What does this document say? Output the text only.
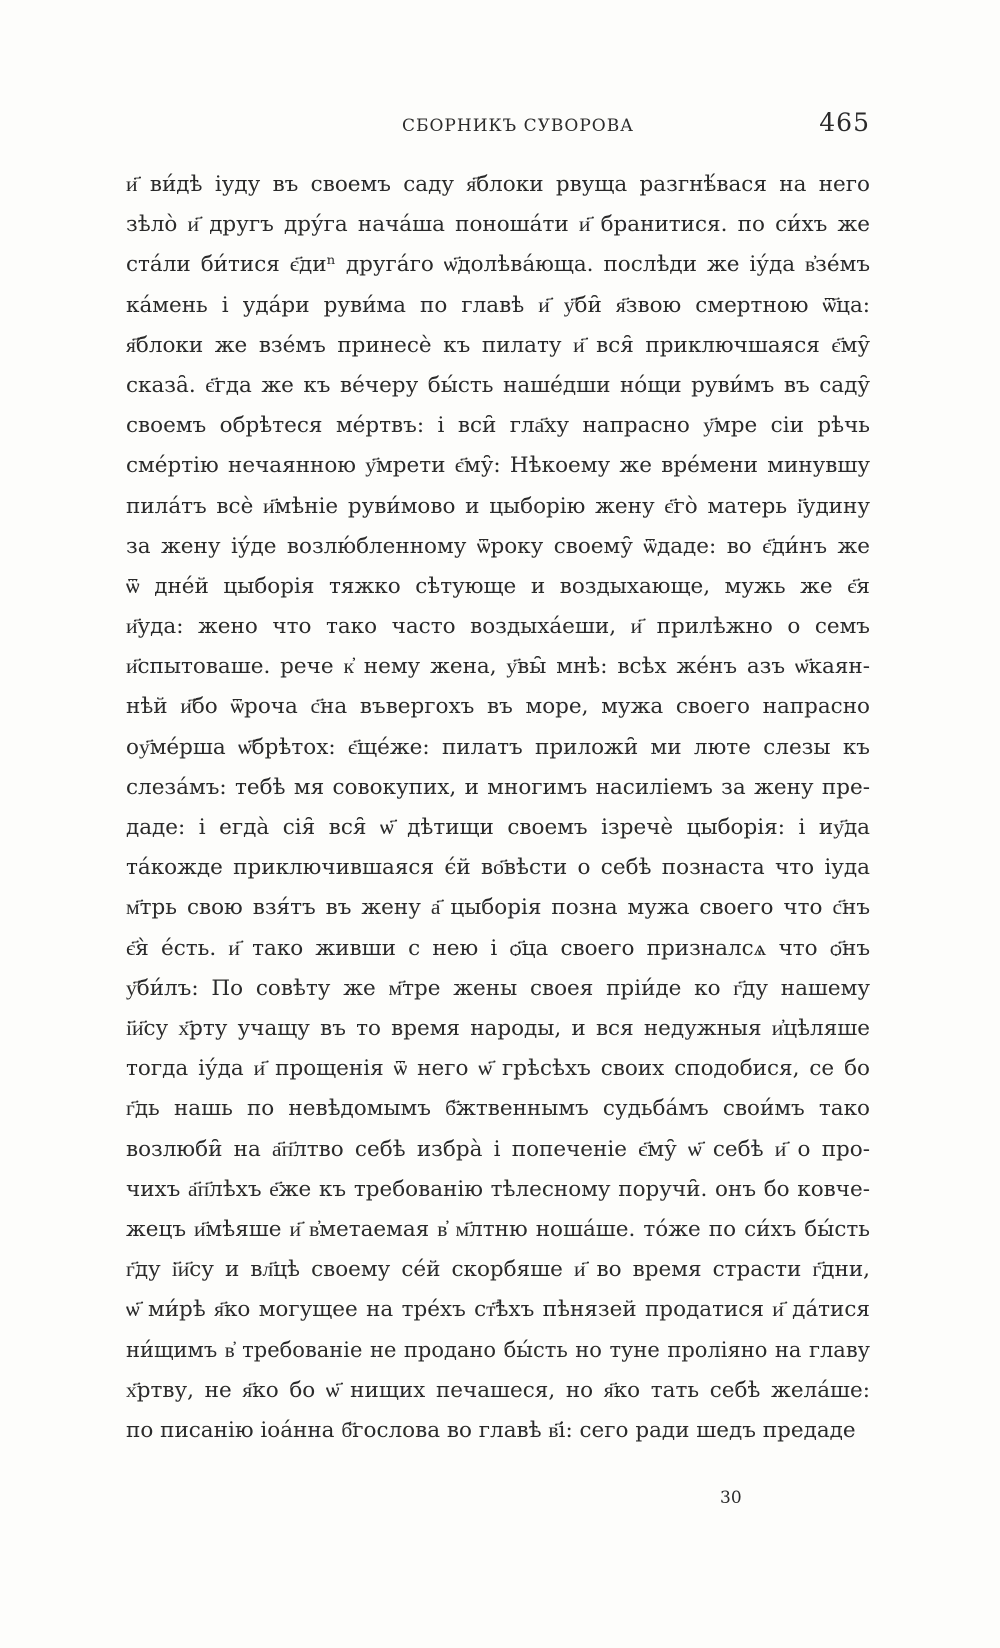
СБОРНИКЪ СУВОРОВА	465
и҃ ви́дѣ іуду въ своемъ саду я҃блоки рвуща разгнѣ́вася на него
зѣло̀ и҃ другъ дру́га нача́ша поноша́ти и҃ бранитися. по си́хъ же
ста́ли би́тися є҃диⁿ друга́го ѡ҃долѣва́юща. послѣди же іу́да в҆зе́мъ
ка́мень і уда́ри руви́ма по главѣ и҃ у҃би̑ я҃звою смертною ѿ҃ца:
я҃блоки же взе́мъ принесѐ къ пилату и҃ вся̑ приключшаяся є҃му̑
сказа̑. є҃гда же къ ве́черу бы́сть наше́дши но́щи руви́мъ въ саду̑
своемъ обрѣтеся ме́ртвъ: і вси̑ гла҃ху напрасно у҃мре сіи рѣчь
сме́ртію нечаянною у҃мрети є҃му̑: Нѣкоему же вре́мени минувшу
пила́тъ всѐ и҃мѣніе руви́мово и цыборію жену є҃го̀ матерь і҃удину
за жену іу́де возлю́бленному ѿроку своему̑ ѿдаде: во є҃ди́нъ же
ѿ дне́й цыборія тяжко сѣтующе и воздыхающе, мужь же є҃я
и҃уда: жено что тако часто воздыха́еши, и҃ прилѣжно о семъ
и҃спытоваше. рече к҆ нему жена, у҃вы̑ мнѣ: всѣх же́нъ азъ ѡ҃каян-
нѣй и҃бо ѿроча с҃на въвергохъ въ море, мужа своего напрасно
оу҃ме́рша ѡ҃брѣтох: є҃ще́же: пилатъ приложи̑ ми люте слезы къ
слеза́мъ: тебѣ мя совокупих, и многимъ насиліемъ за жену пре-
даде: і егда̀ сія̑ вся̑ ѡ҃ дѣтищи своемъ ізречѐ цыборія: і иу҃да
та́кожде приключившаяся є́й во҃вѣсти о себѣ познаста что іуда
м҃трь свою взя́тъ въ жену а҃ цыборія позна мужа своего что с҃нъ
є҃я̀ е́сть. и҃ тако живши с нею і ѻ҃ца своего призналсѧ что ѻ҃нъ
у҃би́лъ: По совѣту же м҃тре жены своея пріи́де ко г҃ду нашему
і҃и҃су х҃рту учащу въ то время народы, и вся недужныя и҆цѣляше
тогда іу́да и҃ прощенія ѿ него ѡ҃ грѣсѣхъ своих сподобися, се бо
г҃дь нашь по невѣдомымъ б҃жтвеннымъ судьба́мъ свои́мъ тако
возлюби̑ на а҃п҃лтво себѣ избра̀ і попеченіе є҃му̑ ѡ҃ себѣ и҃ о про-
чихъ а҃п҃лѣхъ е҃же къ требованію тѣлесному поручи̑. онъ бо ковче-
жецъ и҃мѣяше и҃ в҆метаемая в҆ м҃лтню ноша́ше. то́же по си́хъ бы́сть
г҃ду і҃и҃су и вл҃цѣ своему се́й скорбяше и҃ во время страсти г҃дни,
ѡ҃ ми́рѣ я҃ко могущее на тре́хъ ст҃ѣхъ пѣнязей продатися и҃ да́тися
ни́щимъ в҆ требованіе не продано бы́сть но туне проліяно на главу
х҃ртву, не я҃ко бо ѡ҃ нищих печашеся, но я҃ко тать себѣ жела́ше:
по писанію іоа́нна б҃гослова во главѣ в҃і: сего ради шедъ предаде
30
